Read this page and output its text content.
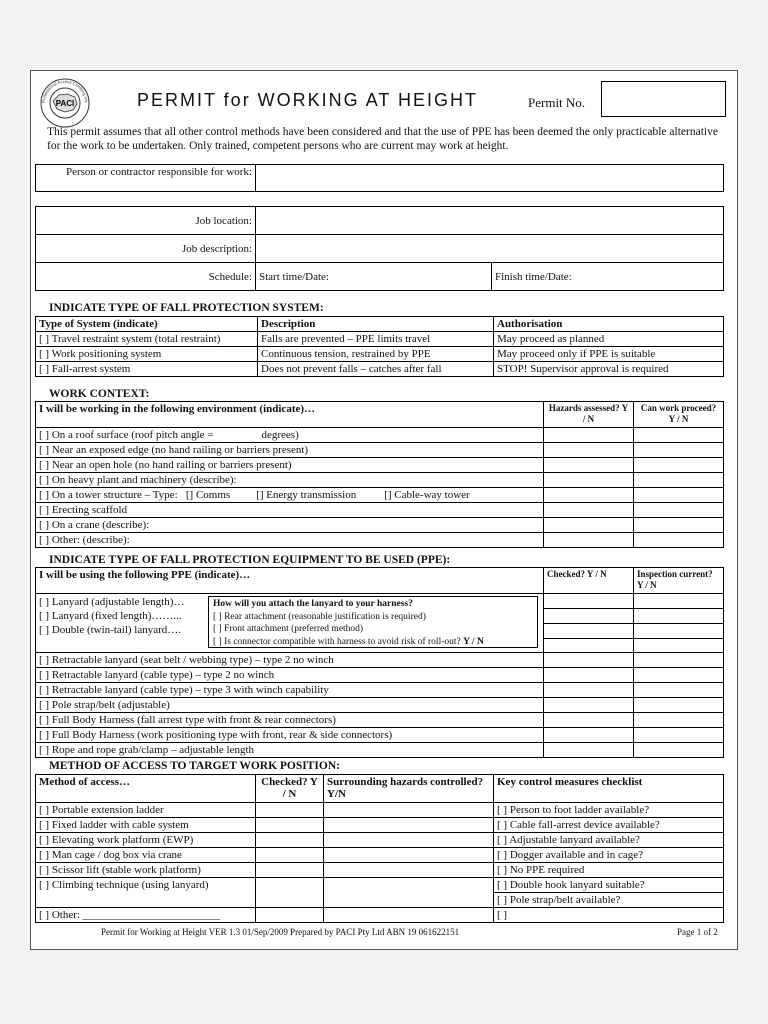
PACI
Professional Access Climbing Ins	PERMIT for WORKING AT HEIGHT	Permit No.
This permit assumes that all other control methods have been considered and that the use of PPE has been deemed the only practicable alternative for the work to be undertaken. Only trained, competent persons who are current may work at height.
Person or contractor responsible for work:	
Job location:		
Job description:		
Schedule:	Start time/Date:	Finish time/Date:
INDICATE TYPE OF FALL PROTECTION SYSTEM:
Type of System (indicate)	Description	Authorisation
[ ] Travel restraint system (total restraint)	Falls are prevented – PPE limits travel	May proceed as planned
[ ] Work positioning system	Continuous tension, restrained by PPE	May proceed only if PPE is suitable
[ ] Fall-arrest system	Does not prevent falls – catches after fall	STOP! Supervisor approval is required
WORK CONTEXT:
I will be working in the following environment (indicate)…	Hazards assessed? Y / N	Can work proceed? Y / N
[ ] On a roof surface (roof pitch angle = degrees)		
[ ] Near an exposed edge (no hand railing or barriers present)		
[ ] Near an open hole (no hand railing or barriers present)		
[ ] On heavy plant and machinery (describe):		
[ ] On a tower structure – Type: [] Comms [] Energy transmission [] Cable-way tower		
[ ] Erecting scaffold		
[ ] On a crane (describe):		
[ ] Other: (describe):		
INDICATE TYPE OF FALL PROTECTION EQUIPMENT TO BE USED (PPE):
I will be using the following PPE (indicate)…	Checked? Y / N	Inspection current? Y / N

[ ] Lanyard (adjustable length)…
[ ] Lanyard (fixed length)……...
[ ] Double (twin-tail) lanyard….		

[ ] Retractable lanyard (seat belt / webbing type) – type 2 no winch		
[ ] Retractable lanyard (cable type) – type 2 no winch		
[ ] Retractable lanyard (cable type) – type 3 with winch capability		
[ ] Pole strap/belt (adjustable)		
[ ] Full Body Harness (fall arrest type with front & rear connectors)		
[ ] Full Body Harness (work positioning type with front, rear & side connectors)		
[ ] Rope and rope grab/clamp – adjustable length		
How will you attach the lanyard to your harness?
[ ] Rear attachment (reasonable justification is required)
[ ] Front attachment (preferred method)
[ ] Is connector compatible with harness to avoid risk of roll-out? Y / N
METHOD OF ACCESS TO TARGET WORK POSITION:
Method of access…	Checked? Y / N	Surrounding hazards controlled? Y/N	Key control measures checklist
[ ] Portable extension ladder			[ ] Person to foot ladder available?
[ ] Fixed ladder with cable system			[ ] Cable fall-arrest device available?
[ ] Elevating work platform (EWP)			[ ] Adjustable lanyard available?
[ ] Man cage / dog box via crane			[ ] Dogger available and in cage?
[ ] Scissor lift (stable work platform)			[ ] No PPE required
[ ] Climbing technique (using lanyard)			[ ] Double hook lanyard suitable?
			[ ] Pole strap/belt available?
[ ] Other: _________________________			[ ]
Permit for Working at Height VER 1.3 01/Sep/2009 Prepared by PACI Pty Ltd ABN 19 061622151	Page 1 of 2
